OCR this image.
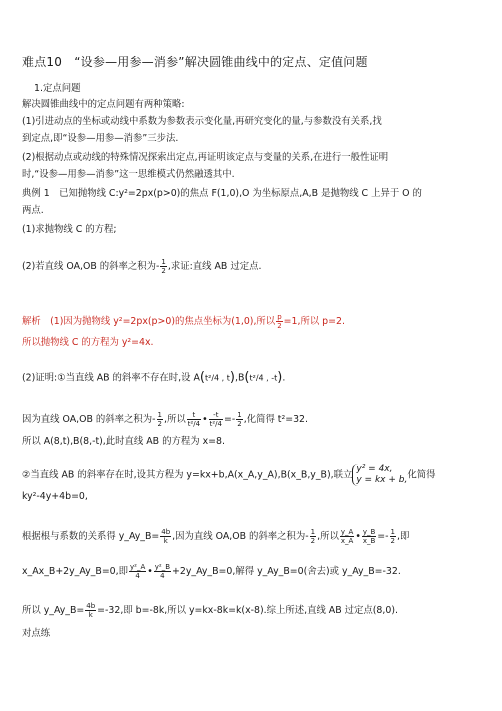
难点10　“设参—用参—消参”解决圆锥曲线中的定点、定值问题
1.定点问题
解决圆锥曲线中的定点问题有两种策略:
(1)引进动点的坐标或动线中系数为参数表示变化量,再研究变化的量,与参数没有关系,找
到定点,即“设参—用参—消参”三步法.
(2)根据动点或动线的特殊情况探索出定点,再证明该定点与变量的关系,在进行一般性证明
时,“设参—用参—消参”这一思维模式仍然融透其中.
典例 1　已知抛物线 C:y²=2px(p>0)的焦点 F(1,0),O 为坐标原点,A,B 是抛物线 C 上异于 O 的
两点.
(1)求抛物线 C 的方程;
(2)若直线 OA,OB 的斜率之积为- $\frac{1}{2}$ ,求证:直线 AB 过定点.
解析　(1)因为抛物线 y²=2px(p>0)的焦点坐标为(1,0),所以 $\frac{p}{2} =1$,所以 p=2.
所以抛物线 C 的方程为 y²=4x.
(2)证明:①当直线 AB 的斜率不存在时,设 A(t²/4 , t),B(t²/4 , -t).
因为直线 OA,OB 的斜率之积为- $\frac{1}{2}$ ,所以 $\frac{t}{\text{t²/4}}$ • $\frac{-t}{\text{t²/4}} =- \frac{1}{2}$ ,化简得 t²=32.
所以 A(8,t),B(8,-t),此时直线 AB 的方程为 x=8.
②当直线 AB 的斜率存在时,设其方程为 y=kx+b,A(x_A,y_A),B(x_B,y_B),联立
y² = 4x,
y = kx + b, 化简得
ky²-4y+4b=0,
根据根与系数的关系得 y_Ay_B= $\frac{4b}{k}$ ,因为直线 OA,OB 的斜率之积为- $\frac{1}{2}$ ,所以 $\frac{y\_A}{x\_A}$ • $\frac{y\_B}{x\_B} =- \frac{1}{2}$ ,即
x_Ax_B+2y_Ay_B=0,即 $\frac{\text{y²\_A}}{4}$ • $\frac{\text{y²\_B}}{4}$ +2y_Ay_B=0,解得 y_Ay_B=0(舍去)或 y_Ay_B=-32.
所以 y_Ay_B= $\frac{4b}{k} =-32$,即 b=-8k,所以 y=kx-8k=k(x-8).综上所述,直线 AB 过定点(8,0).
对点练
